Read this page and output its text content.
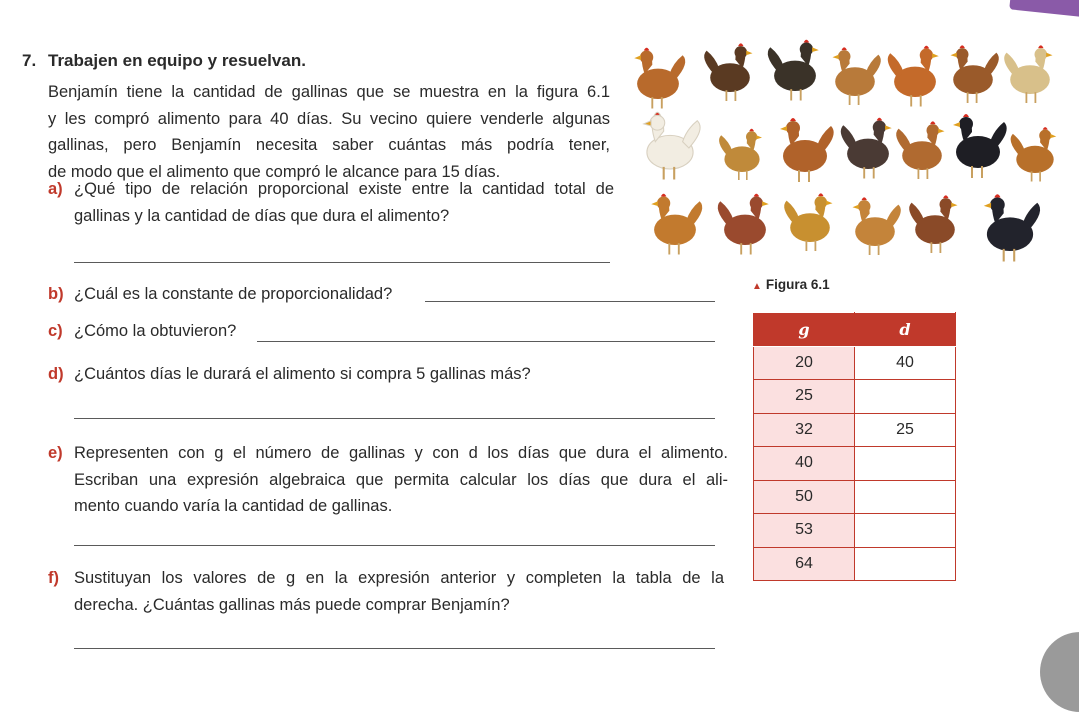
7. Trabajen en equipo y resuelvan.
Benjamín tiene la cantidad de gallinas que se muestra en la figura 6.1
y les compró alimento para 40 días. Su vecino quiere venderle algunas
gallinas, pero Benjamín necesita saber cuántas más podría tener,
de modo que el alimento que compró le alcance para 15 días.
a) ¿Qué tipo de relación proporcional existe entre la cantidad total de
gallinas y la cantidad de días que dura el alimento?
b) ¿Cuál es la constante de proporcionalidad?
c) ¿Cómo la obtuvieron?
d) ¿Cuántos días le durará el alimento si compra 5 gallinas más?
e) Representen con g el número de gallinas y con d los días que dura el alimento.
Escriban una expresión algebraica que permita calcular los días que dura el ali-
mento cuando varía la cantidad de gallinas.
f) Sustituyan los valores de g en la expresión anterior y completen la tabla de la
derecha. ¿Cuántas gallinas más puede comprar Benjamín?
▲ Figura 6.1
g	d
20	40
25	
32	25
40	
50	
53	
64	
